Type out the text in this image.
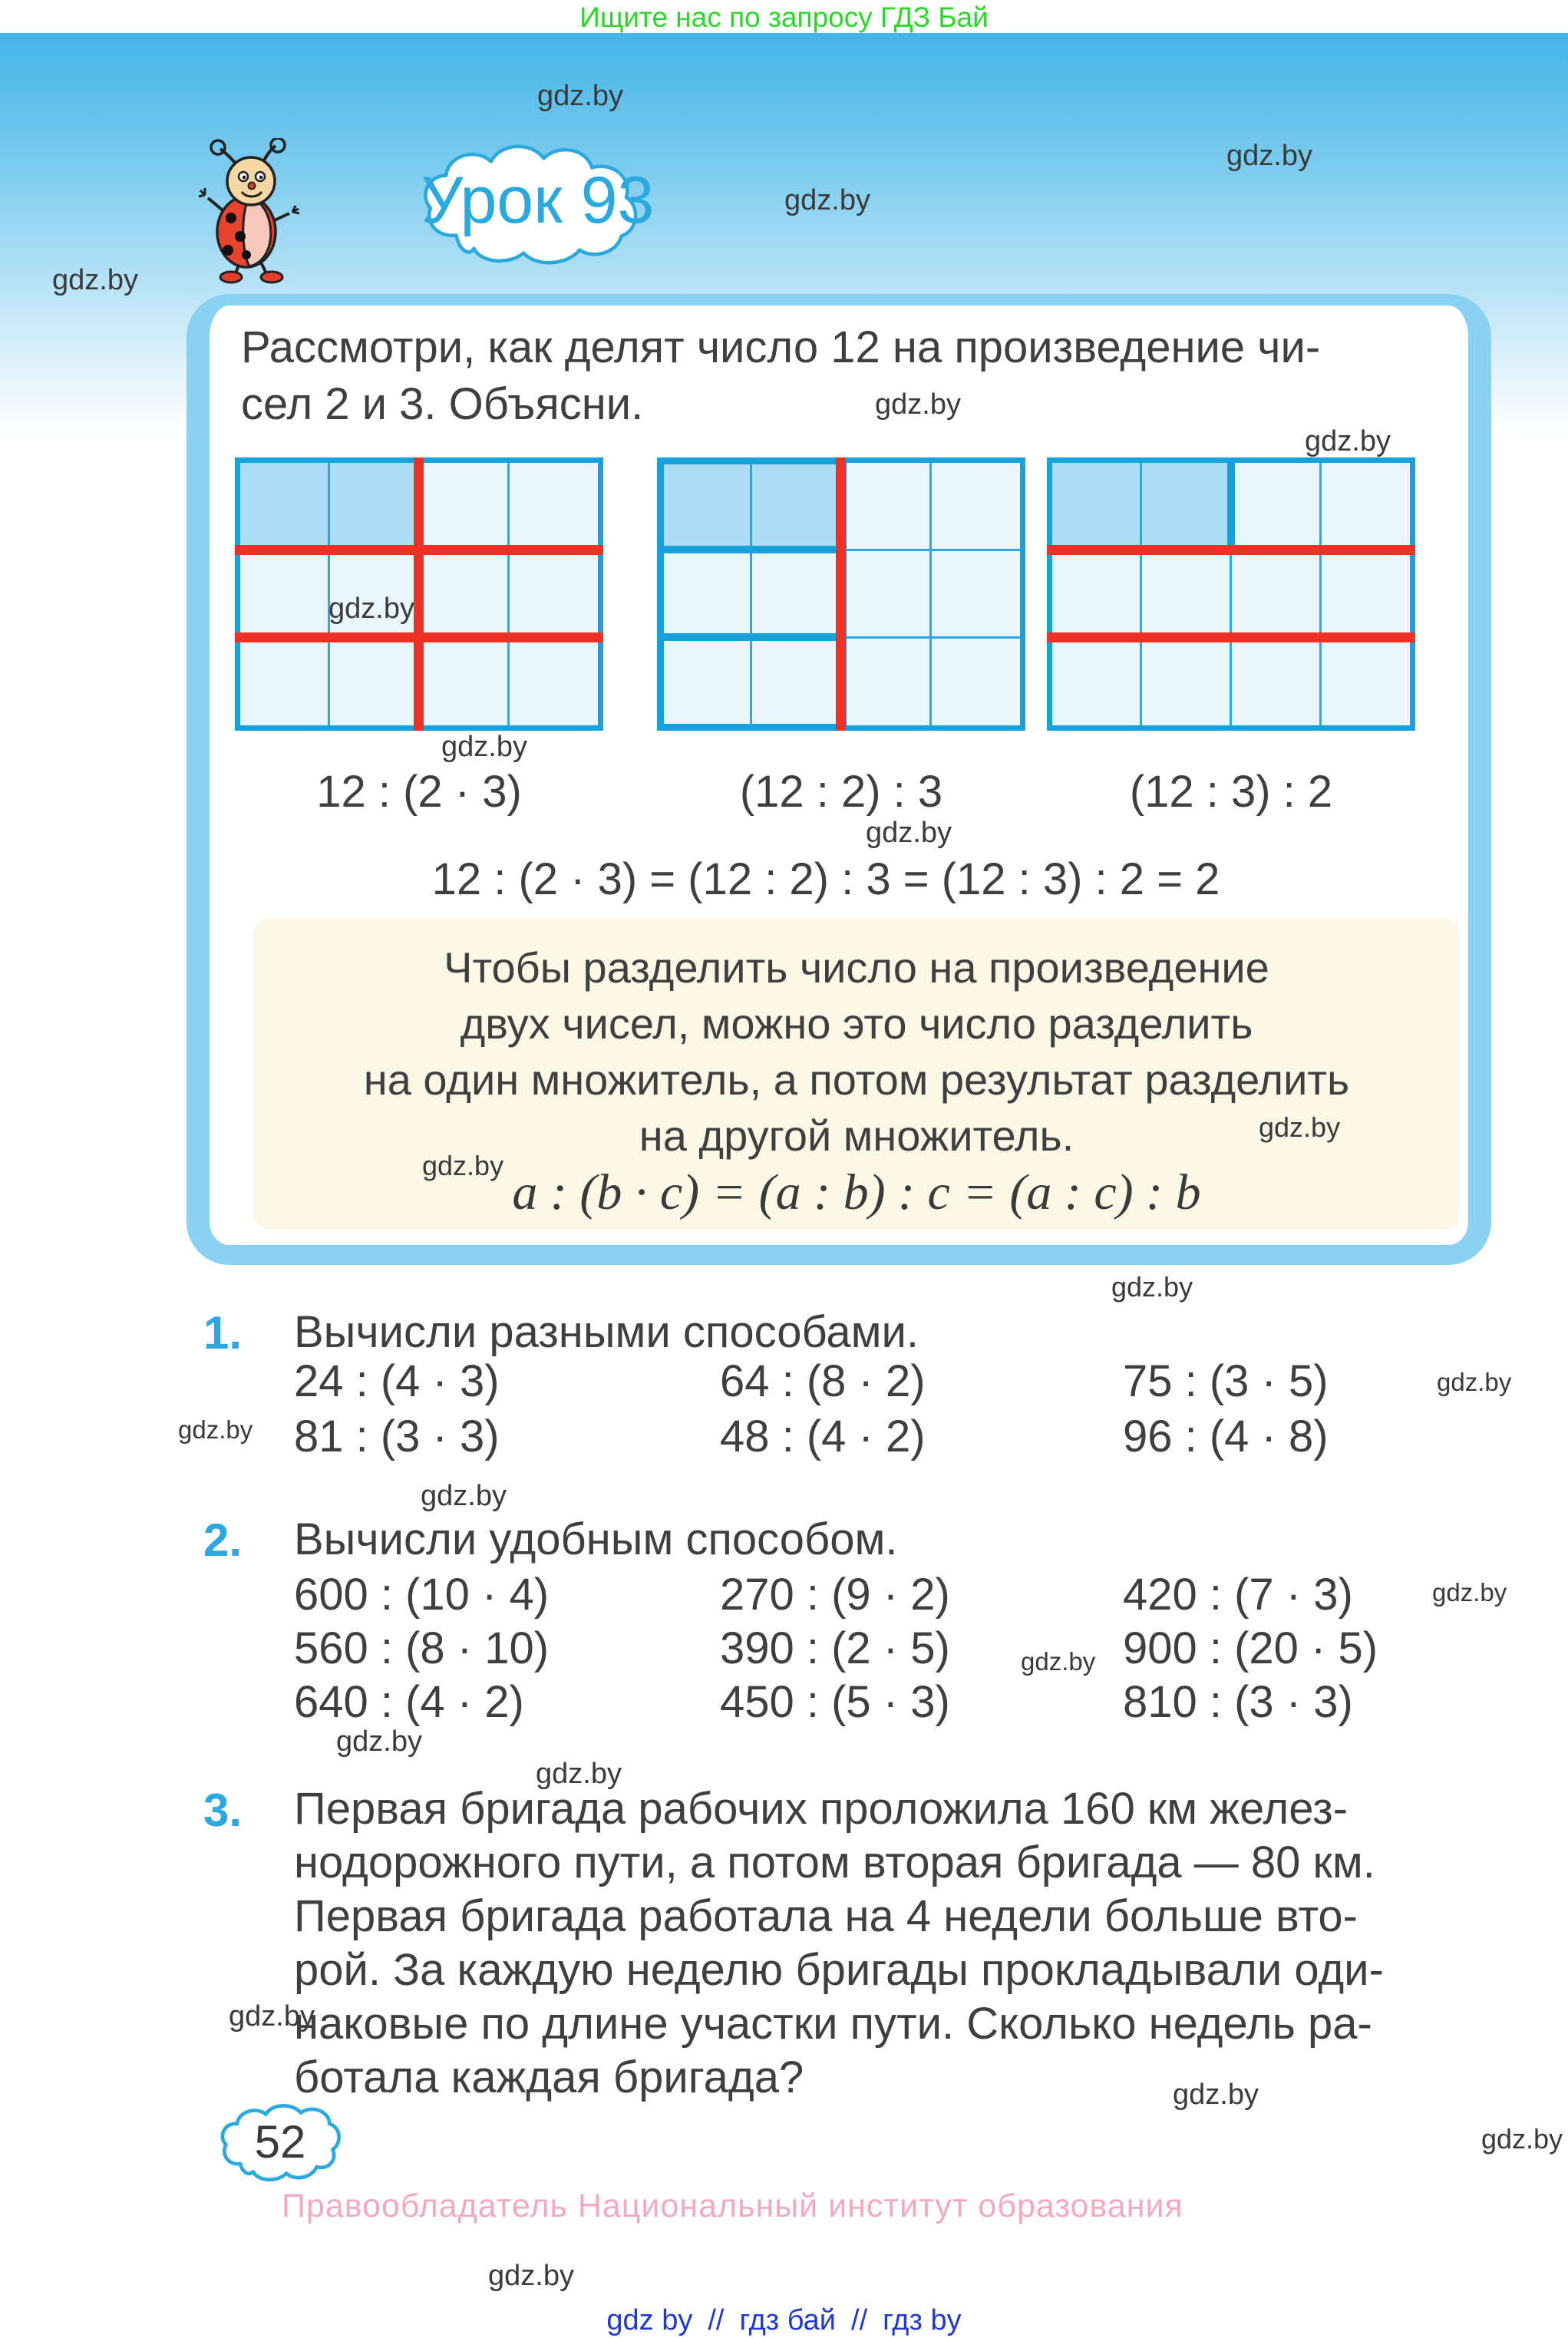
Ищите нас по запросу ГДЗ Бай
Урок 93
Рассмотри, как делят число 12 на произведение чи-
сел 2 и 3. Объясни.
12 : (2 · 3)	(12 : 2) : 3	(12 : 3) : 2
12 : (2 · 3) = (12 : 2) : 3 = (12 : 3) : 2 = 2
Чтобы разделить число на произведение
двух чисел, можно это число разделить
на один множитель, а потом результат разделить
на другой множитель.
a : (b · c) = (a : b) : c = (a : c) : b
1. Вычисли разными способами.
24 : (4 · 3)	64 : (8 · 2)	75 : (3 · 5)
81 : (3 · 3)	48 : (4 · 2)	96 : (4 · 8)
2. Вычисли удобным способом.
600 : (10 · 4)	270 : (9 · 2)	420 : (7 · 3)
560 : (8 · 10)	390 : (2 · 5)	900 : (20 · 5)
640 : (4 · 2)	450 : (5 · 3)	810 : (3 · 3)
3. Первая бригада рабочих проложила 160 км желез-
нодорожного пути, а потом вторая бригада — 80 км.
Первая бригада работала на 4 недели больше вто-
рой. За каждую неделю бригады прокладывали оди-
наковые по длине участки пути. Сколько недель ра-
ботала каждая бригада?
52
Правообладатель Национальный институт образования
gdz by // гдз бай // гдз by
gdz.by
gdz.by
gdz.by
gdz.by
gdz.by
gdz.by
gdz.by
gdz.by
gdz.by
gdz.by
gdz.by
gdz.by
gdz.by
gdz.by
gdz.by
gdz.by
gdz.by
gdz.by
gdz.by
gdz.by
gdz.by
gdz.by
gdz.by
